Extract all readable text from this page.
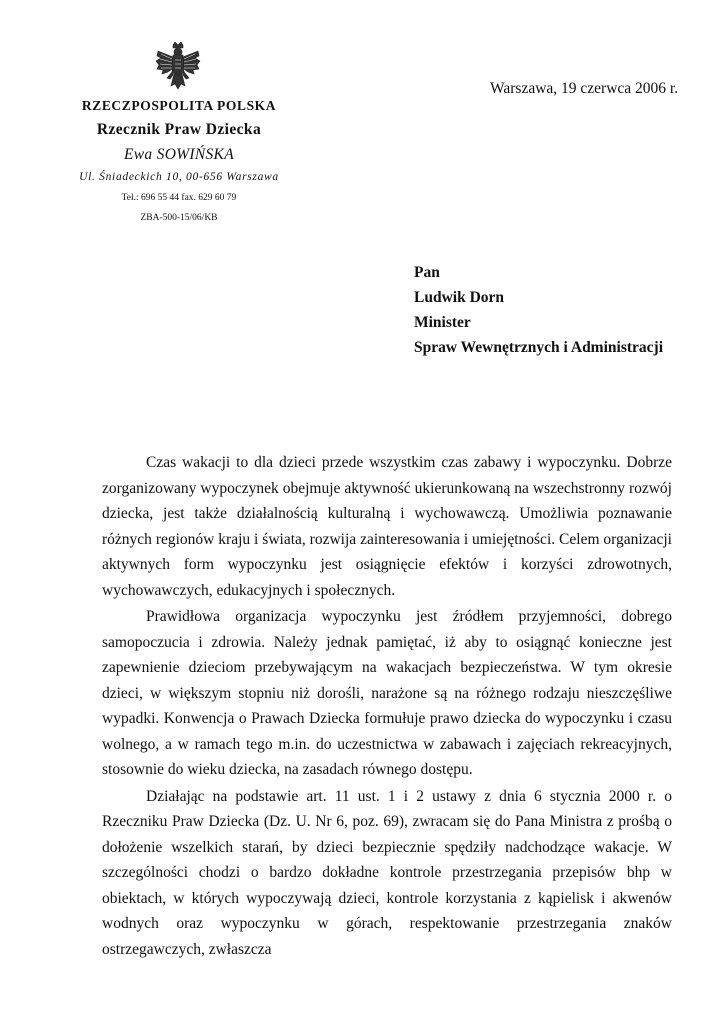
Warszawa, 19 czerwca 2006 r.
RZECZPOSPOLITA POLSKA
Rzecznik Praw Dziecka
Ewa SOWIŃSKA
Ul. Śniadeckich 10, 00-656 Warszawa
Tel.: 696 55 44 fax. 629 60 79
ZBA-500-15/06/KB
Pan
Ludwik Dorn
Minister
Spraw Wewnętrznych i Administracji

Czas wakacji to dla dzieci przede wszystkim czas zabawy i wypoczynku. Dobrze zorganizowany wypoczynek obejmuje aktywność ukierunkowaną na wszechstronny rozwój dziecka, jest także działalnością kulturalną i wychowawczą. Umożliwia poznawanie różnych regionów kraju i świata, rozwija zainteresowania i umiejętności. Celem organizacji aktywnych form wypoczynku jest osiągnięcie efektów i korzyści zdrowotnych, wychowawczych, edukacyjnych i społecznych.

Prawidłowa organizacja wypoczynku jest źródłem przyjemności, dobrego samopoczucia i zdrowia. Należy jednak pamiętać, iż aby to osiągnąć konieczne jest zapewnienie dzieciom przebywającym na wakacjach bezpieczeństwa. W tym okresie dzieci, w większym stopniu niż dorośli, narażone są na różnego rodzaju nieszczęśliwe wypadki. Konwencja o Prawach Dziecka formułuje prawo dziecka do wypoczynku i czasu wolnego, a w ramach tego m.in. do uczestnictwa w zabawach i zajęciach rekreacyjnych, stosownie do wieku dziecka, na zasadach równego dostępu.

Działając na podstawie art. 11 ust. 1 i 2 ustawy z dnia 6 stycznia 2000 r. o Rzeczniku Praw Dziecka (Dz. U. Nr 6, poz. 69), zwracam się do Pana Ministra z prośbą o dołożenie wszelkich starań, by dzieci bezpiecznie spędziły nadchodzące wakacje. W szczególności chodzi o bardzo dokładne kontrole przestrzegania przepisów bhp w obiektach, w których wypoczywają dzieci, kontrole korzystania z kąpielisk i akwenów wodnych oraz wypoczynku w górach, respektowanie przestrzegania znaków ostrzegawczych, zwłaszcza
